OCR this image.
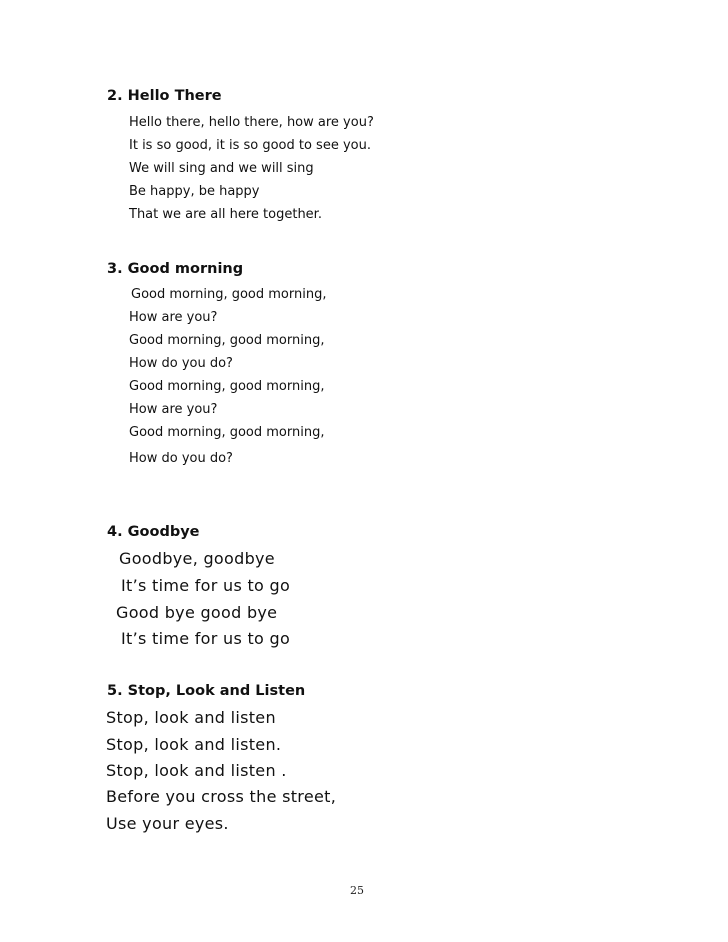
2. Hello There
Hello there, hello there, how are you?
It is so good, it is so good to see you.
We will sing and we will sing
Be happy, be happy
That we are all here together.
3. Good morning
Good morning, good morning,
How are you?
Good morning, good morning,
How do you do?
Good morning, good morning,
How are you?
Good morning, good morning,
How do you do?
4. Goodbye
Goodbye, goodbye
It’s time for us to go
Good bye good bye
It’s time for us to go
5. Stop, Look and Listen
Stop, look and listen
Stop, look and listen.
Stop, look and listen .
Before you cross the street,
Use your eyes.
25
